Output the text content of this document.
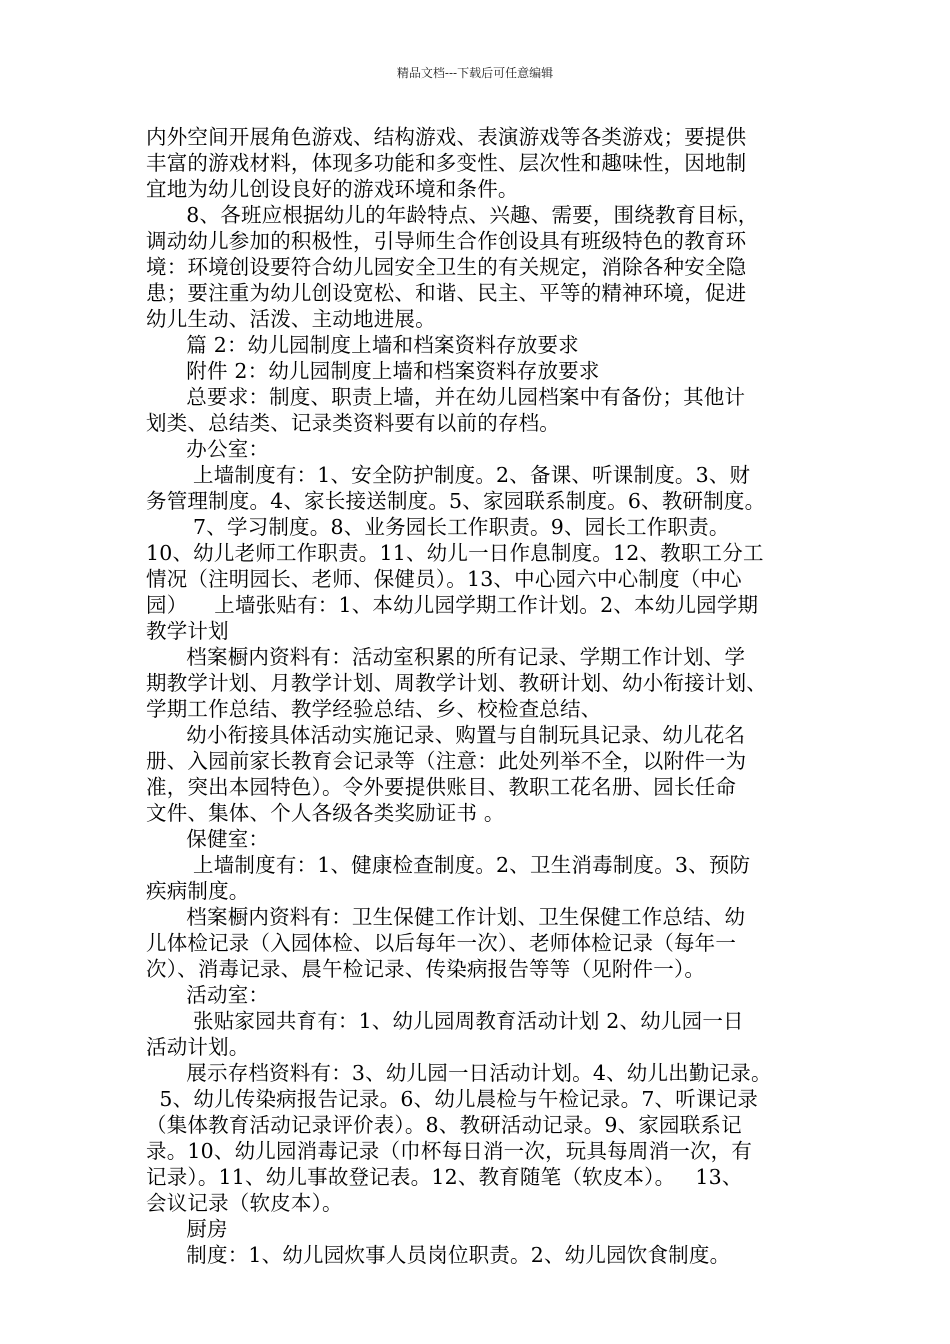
精品文档---下载后可任意编辑
内外空间开展角色游戏、结构游戏、表演游戏等各类游戏；要提供
丰富的游戏材料，体现多功能和多变性、层次性和趣味性，因地制
宜地为幼儿创设良好的游戏环境和条件。
8、各班应根据幼儿的年龄特点、兴趣、需要，围绕教育目标，
调动幼儿参加的积极性，引导师生合作创设具有班级特色的教育环
境：环境创设要符合幼儿园安全卫生的有关规定，消除各种安全隐
患；要注重为幼儿创设宽松、和谐、民主、平等的精神环境，促进
幼儿生动、活泼、主动地进展。
篇 2：幼儿园制度上墙和档案资料存放要求
附件 2：幼儿园制度上墙和档案资料存放要求
总要求：制度、职责上墙，并在幼儿园档案中有备份；其他计
划类、总结类、记录类资料要有以前的存档。
办公室：
上墙制度有：1、安全防护制度。2、备课、听课制度。3、财
务管理制度。4、家长接送制度。5、家园联系制度。6、教研制度。
7、学习制度。8、业务园长工作职责。9、园长工作职责。
10、幼儿老师工作职责。11、幼儿一日作息制度。12、教职工分工
情况（注明园长、老师、保健员）。13、中心园六中心制度（中心
园）    上墙张贴有：1、本幼儿园学期工作计划。2、本幼儿园学期
教学计划
档案橱内资料有：活动室积累的所有记录、学期工作计划、学
期教学计划、月教学计划、周教学计划、教研计划、幼小衔接计划、
学期工作总结、教学经验总结、乡、校检查总结、
幼小衔接具体活动实施记录、购置与自制玩具记录、幼儿花名
册、入园前家长教育会记录等（注意：此处列举不全，以附件一为
准，突出本园特色）。令外要提供账目、教职工花名册、园长任命
文件、集体、个人各级各类奖励证书 。
保健室：
上墙制度有：1、健康检查制度。2、卫生消毒制度。3、预防
疾病制度。
档案橱内资料有：卫生保健工作计划、卫生保健工作总结、幼
儿体检记录（入园体检、以后每年一次）、老师体检记录（每年一
次）、消毒记录、晨午检记录、传染病报告等等（见附件一）。
活动室：
张贴家园共育有：1、幼儿园周教育活动计划 2、幼儿园一日
活动计划。
展示存档资料有：3、幼儿园一日活动计划。4、幼儿出勤记录。
5、幼儿传染病报告记录。6、幼儿晨检与午检记录。7、听课记录
（集体教育活动记录评价表）。8、教研活动记录。9、家园联系记
录。10、幼儿园消毒记录（巾杯每日消一次，玩具每周消一次，有
记录）。11、幼儿事故登记表。12、教育随笔（软皮本）。   13、
会议记录（软皮本）。
厨房
制度：1、幼儿园炊事人员岗位职责。2、幼儿园饮食制度。
